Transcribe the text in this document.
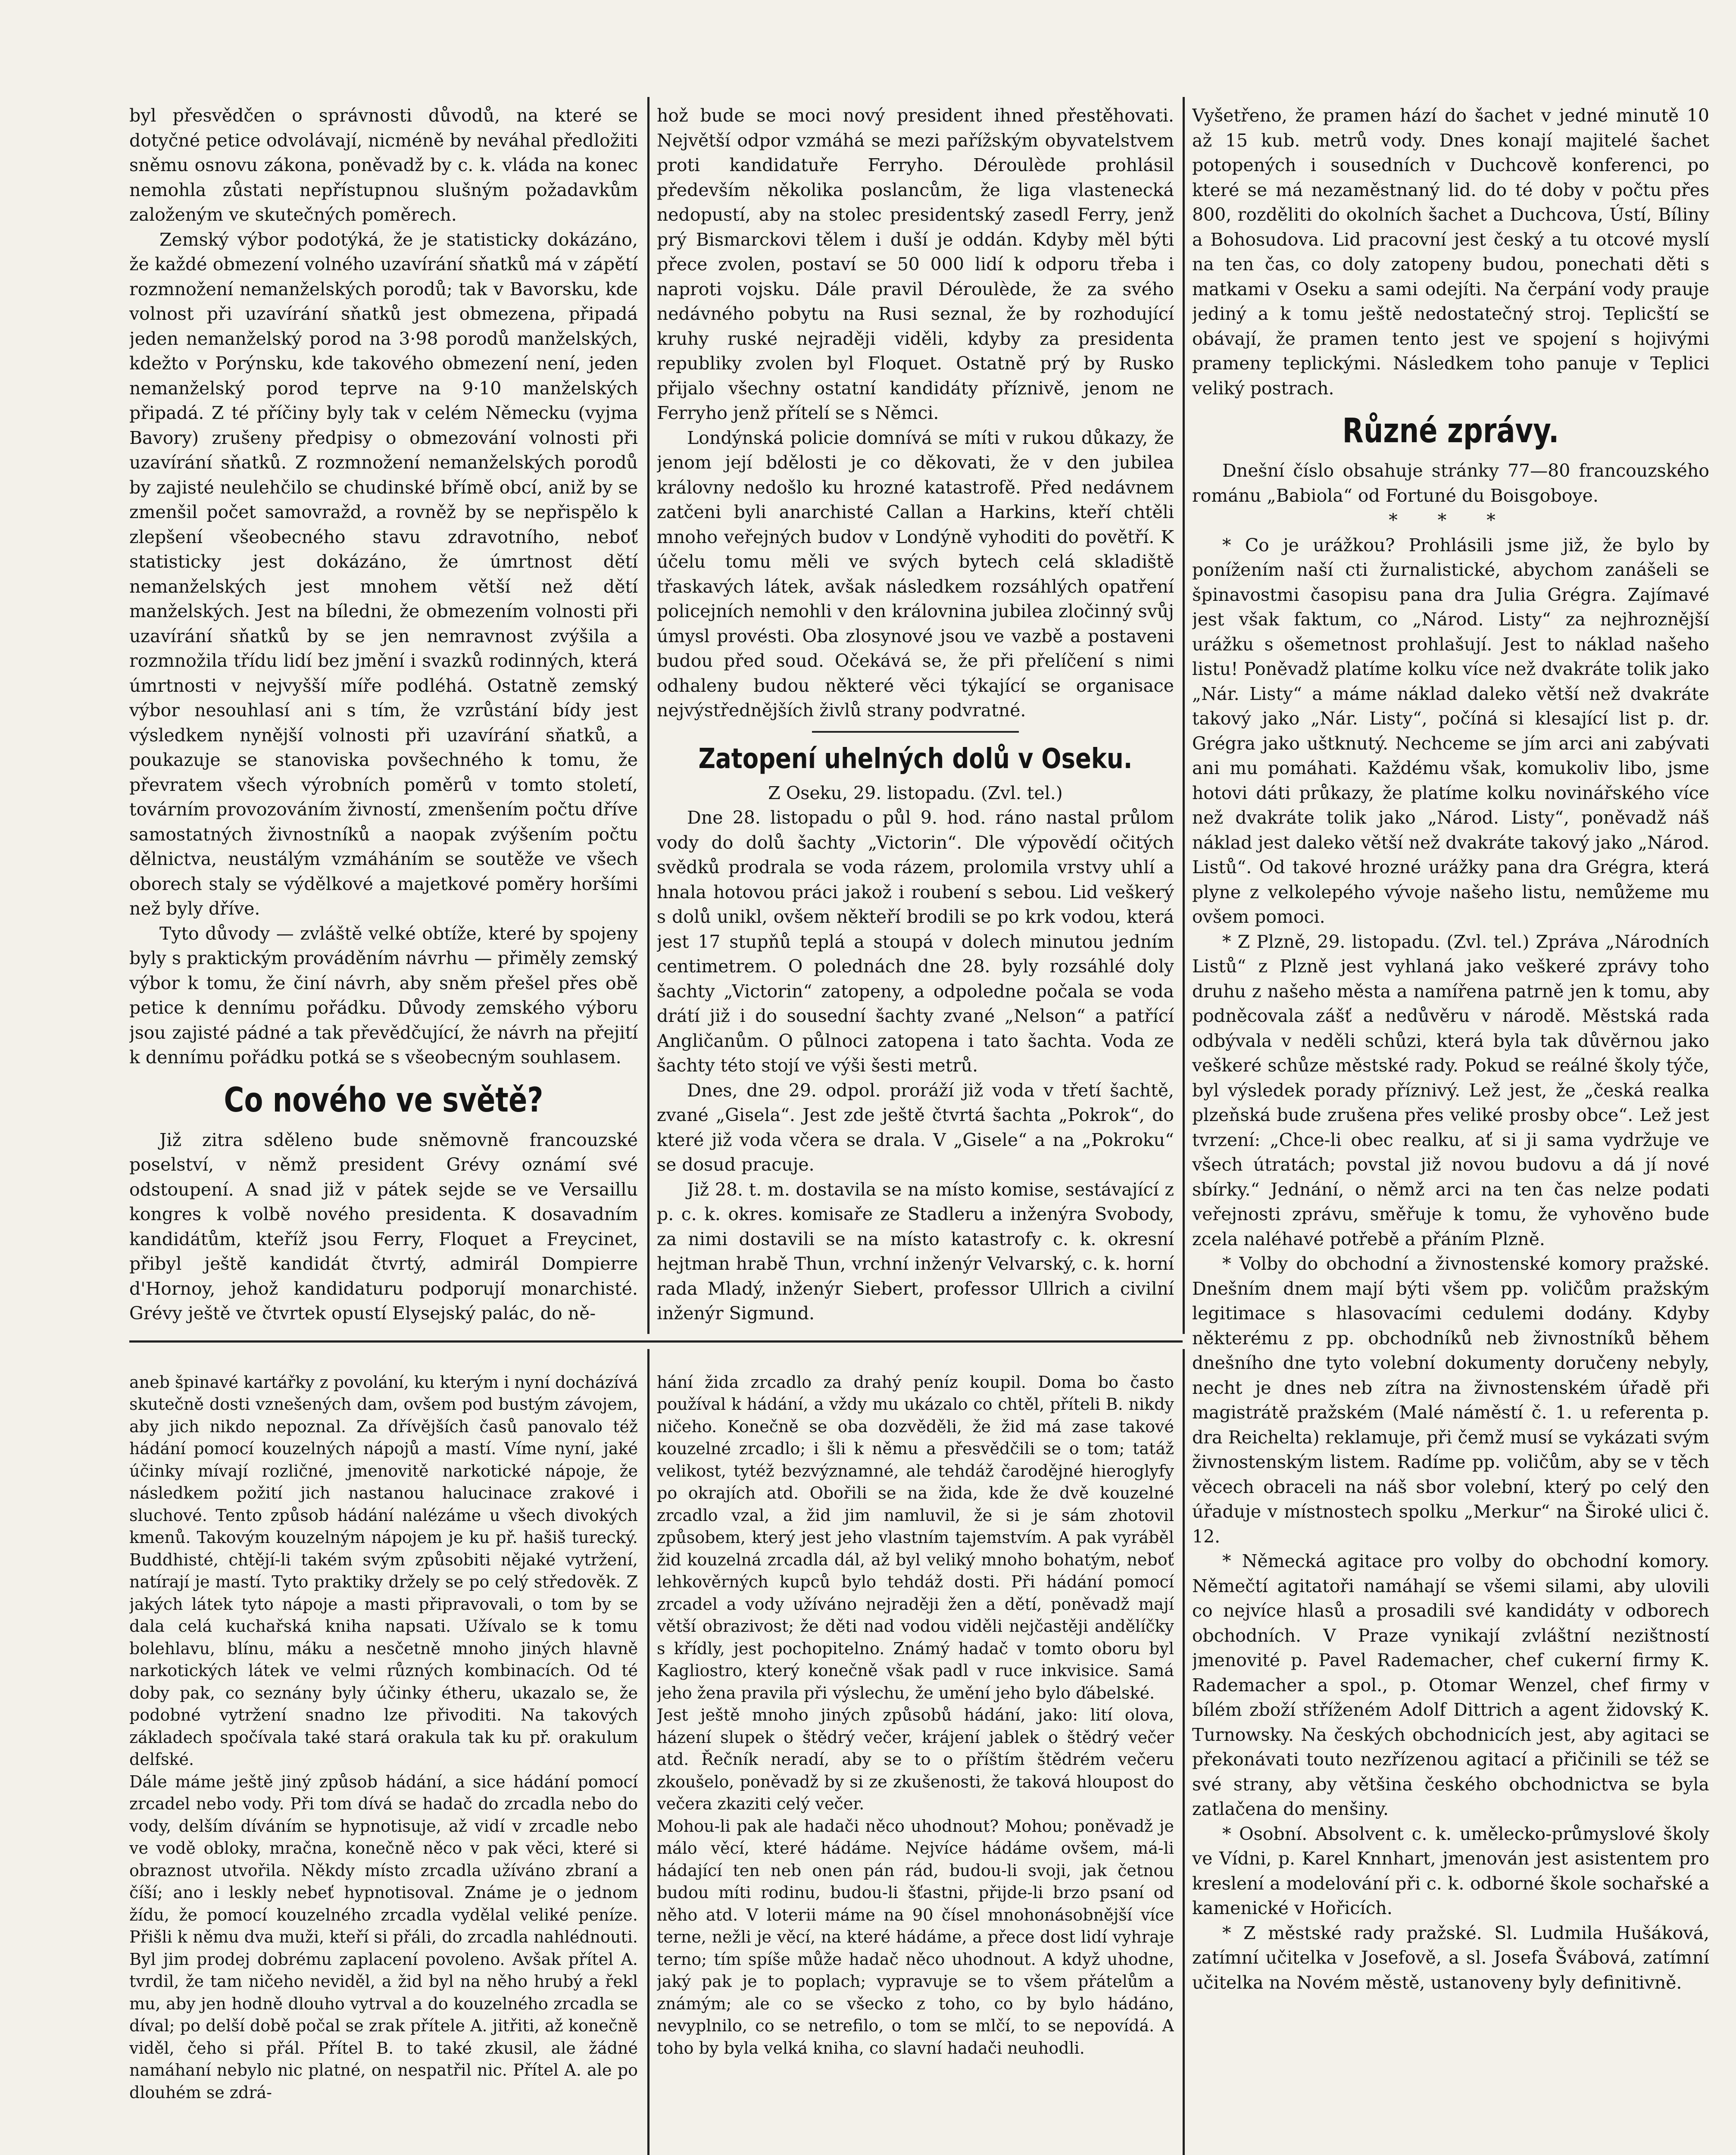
byl přesvědčen o správnosti důvodů, na které se dotyčné petice odvolávají, nicméně by neváhal předložiti sněmu osnovu zákona, poněvadž by c. k. vláda na konec nemohla zůstati nepřístupnou slušným požadavkům založeným ve skutečných poměrech.

Zemský výbor podotýká, že je statisticky dokázáno, že každé obmezení volného uzavírání sňatků má v zápětí rozmnožení nemanželských porodů; tak v Bavorsku, kde volnost při uzavírání sňatků jest obmezena, připadá jeden nemanželský porod na 3·98 porodů manželských, kdežto v Porýnsku, kde takového obmezení není, jeden nemanželský porod teprve na 9·10 manželských připadá. Z té příčiny byly tak v celém Německu (vyjma Bavory) zrušeny předpisy o obmezování volnosti při uzavírání sňatků. Z rozmnožení nemanželských porodů by zajisté neulehčilo se chudinské břímě obcí, aniž by se zmenšil počet samovražd, a rovněž by se nepřispělo k zlepšení všeobecného stavu zdravotního, neboť statisticky jest dokázáno, že úmrtnost dětí nemanželských jest mnohem větší než dětí manželských. Jest na bíledni, že obmezením volnosti při uzavírání sňatků by se jen nemravnost zvýšila a rozmnožila třídu lidí bez jmění i svazků rodinných, která úmrtnosti v nejvyšší míře podléhá. Ostatně zemský výbor nesouhlasí ani s tím, že vzrůstání bídy jest výsledkem nynější volnosti při uzavírání sňatků, a poukazuje se stanoviska povšechného k tomu, že převratem všech výrobních poměrů v tomto století, továrním provozováním živností, zmenšením počtu dříve samostatných živnostníků a naopak zvýšením počtu dělnictva, neustálým vzmáháním se soutěže ve všech oborech staly se výdělkové a majetkové poměry horšími než byly dříve.

Tyto důvody — zvláště velké obtíže, které by spojeny byly s praktickým prováděním návrhu — přiměly zemský výbor k tomu, že činí návrh, aby sněm přešel přes obě petice k dennímu pořádku. Důvody zemského výboru jsou zajisté pádné a tak převědčující, že návrh na přejití k dennímu pořádku potká se s všeobecným souhlasem.

Co nového ve světě?

Již zitra sděleno bude sněmovně francouzské poselství, v němž president Grévy oznámí své odstoupení. A snad již v pátek sejde se ve Versaillu kongres k volbě nového presidenta. K dosavadním kandidátům, kteříž jsou Ferry, Floquet a Freycinet, přibyl ještě kandidát čtvrtý, admirál Dompierre d'Hornoy, jehož kandidaturu podporují monarchisté. Grévy ještě ve čtvrtek opustí Elysejský palác, do ně-

hož bude se moci nový president ihned přestěhovati. Největší odpor vzmáhá se mezi pařížským obyvatelstvem proti kandidatuře Ferryho. Déroulède prohlásil především několika poslancům, že liga vlastenecká nedopustí, aby na stolec presidentský zasedl Ferry, jenž prý Bismarckovi tělem i duší je oddán. Kdyby měl býti přece zvolen, postaví se 50 000 lidí k odporu třeba i naproti vojsku. Dále pravil Déroulède, že za svého nedávného pobytu na Rusi seznal, že by rozhodující kruhy ruské nejraději viděli, kdyby za presidenta republiky zvolen byl Floquet. Ostatně prý by Rusko přijalo všechny ostatní kandidáty příznivě, jenom ne Ferryho jenž přítelí se s Němci.

Londýnská policie domnívá se míti v rukou důkazy, že jenom její bdělosti je co děkovati, že v den jubilea královny nedošlo ku hrozné katastrofě. Před nedávnem zatčeni byli anarchisté Callan a Harkins, kteří chtěli mnoho veřejných budov v Londýně vyhoditi do povětří. K účelu tomu měli ve svých bytech celá skladiště třaskavých látek, avšak následkem rozsáhlých opatření policejních nemohli v den královnina jubilea zločinný svůj úmysl provésti. Oba zlosynové jsou ve vazbě a postaveni budou před soud. Očekává se, že při přelíčení s nimi odhaleny budou některé věci týkající se organisace nejvýstřednějších živlů strany podvratné.

Zatopení uhelných dolů v Oseku.

Z Oseku, 29. listopadu. (Zvl. tel.)

Dne 28. listopadu o půl 9. hod. ráno nastal průlom vody do dolů šachty „Victorin“. Dle výpovědí očitých svědků prodrala se voda rázem, prolomila vrstvy uhlí a hnala hotovou práci jakož i roubení s sebou. Lid veškerý s dolů unikl, ovšem někteří brodili se po krk vodou, která jest 17 stupňů teplá a stoupá v dolech minutou jedním centimetrem. O polednách dne 28. byly rozsáhlé doly šachty „Victorin“ zatopeny, a odpoledne počala se voda drátí již i do sousední šachty zvané „Nelson“ a patřící Angličanům. O půlnoci zatopena i tato šachta. Voda ze šachty této stojí ve výši šesti metrů.

Dnes, dne 29. odpol. proráží již voda v třetí šachtě, zvané „Gisela“. Jest zde ještě čtvrtá šachta „Pokrok“, do které již voda včera se drala. V „Gisele“ a na „Pokroku“ se dosud pracuje.

Již 28. t. m. dostavila se na místo komise, sestávající z p. c. k. okres. komisaře ze Stadleru a inženýra Svobody, za nimi dostavili se na místo katastrofy c. k. okresní hejtman hrabě Thun, vrchní inženýr Velvarský, c. k. horní rada Mladý, inženýr Siebert, professor Ullrich a civilní inženýr Sigmund.

Vyšetřeno, že pramen hází do šachet v jedné minutě 10 až 15 kub. metrů vody. Dnes konají majitelé šachet potopených i sousedních v Duchcově konferenci, po které se má nezaměstnaný lid. do té doby v počtu přes 800, rozděliti do okolních šachet a Duchcova, Ústí, Bíliny a Bohosudova. Lid pracovní jest český a tu otcové myslí na ten čas, co doly zatopeny budou, ponechati děti s matkami v Oseku a sami odejíti. Na čerpání vody prauje jediný a k tomu ještě nedostatečný stroj. Teplicští se obávají, že pramen tento jest ve spojení s hojivými prameny teplickými. Následkem toho panuje v Teplici veliký postrach.

Různé zprávy.

Dnešní číslo obsahuje stránky 77—80 francouzského románu „Babiola“ od Fortuné du Boisgoboye.

* * *

* Co je urážkou? Prohlásili jsme již, že bylo by ponížením naší cti žurnalistické, abychom zanášeli se špinavostmi časopisu pana dra Julia Grégra. Zajímavé jest však faktum, co „Národ. Listy“ za nejhroznější urážku s ošemetnost prohlašují. Jest to náklad našeho listu! Poněvadž platíme kolku více než dvakráte tolik jako „Nár. Listy“ a máme náklad daleko větší než dvakráte takový jako „Nár. Listy“, počíná si klesající list p. dr. Grégra jako uštknutý. Nechceme se jím arci ani zabývati ani mu pomáhati. Každému však, komukoliv libo, jsme hotovi dáti průkazy, že platíme kolku novinářského více než dvakráte tolik jako „Národ. Listy“, poněvadž náš náklad jest daleko větší než dvakráte takový jako „Národ. Listů“. Od takové hrozné urážky pana dra Grégra, která plyne z velkolepého vývoje našeho listu, nemůžeme mu ovšem pomoci.

* Z Plzně, 29. listopadu. (Zvl. tel.) Zpráva „Národních Listů“ z Plzně jest vyhlaná jako veškeré zprávy toho druhu z našeho města a namířena patrně jen k tomu, aby podněcovala zášť a nedůvěru v národě. Městská rada odbývala v neděli schůzi, která byla tak důvěrnou jako veškeré schůze městské rady. Pokud se reálné školy týče, byl výsledek porady příznivý. Lež jest, že „česká realka plzeňská bude zrušena přes veliké prosby obce“. Lež jest tvrzení: „Chce-li obec realku, ať si ji sama vydržuje ve všech útratách; povstal již novou budovu a dá jí nové sbírky.“ Jednání, o němž arci na ten čas nelze podati veřejnosti zprávu, směřuje k tomu, že vyhověno bude zcela naléhavé potřebě a přáním Plzně.

* Volby do obchodní a živnostenské komory pražské. Dnešním dnem mají býti všem pp. voličům pražským legitimace s hlasovacími cedulemi dodány. Kdyby některému z pp. obchodníků neb živnostníků během dnešního dne tyto volební dokumenty doručeny nebyly, necht je dnes neb zítra na živnostenském úřadě při magistrátě pražském (Malé náměstí č. 1. u referenta p. dra Reichelta) reklamuje, při čemž musí se vykázati svým živnostenským listem. Radíme pp. voličům, aby se v těch věcech obraceli na náš sbor volební, který po celý den úřaduje v místnostech spolku „Merkur“ na Široké ulici č. 12.

* Německá agitace pro volby do obchodní komory. Němečtí agitatoři namáhají se všemi silami, aby ulovili co nejvíce hlasů a prosadili své kandidáty v odborech obchodních. V Praze vynikají zvláštní nezištností jmenovité p. Pavel Rademacher, chef cukerní firmy K. Rademacher a spol., p. Otomar Wenzel, chef firmy v bílém zboží stříženém Adolf Dittrich a agent židovský K. Turnowsky. Na českých obchodnicích jest, aby agitaci se překonávati touto nezřízenou agitací a přičinili se též se své strany, aby většina českého obchodnictva se byla zatlačena do menšiny.

* Osobní. Absolvent c. k. umělecko-průmyslové školy ve Vídni, p. Karel Knnhart, jmenován jest asistentem pro kreslení a modelování při c. k. odborné škole sochařské a kamenické v Hořicích.

* Z městské rady pražské. Sl. Ludmila Hušáková, zatímní učitelka v Josefově, a sl. Josefa Švábová, zatímní učitelka na Novém městě, ustanovenу byly definitivně.

aneb špinavé kartářky z povolání, ku kterým i nyní docházívá skutečně dosti vznešených dam, ovšem pod bustým závojem, aby jich nikdo nepoznal. Za dřívějších časů panovalo též hádání pomocí kouzelných nápojů a mastí. Víme nyní, jaké účinky mívají rozličné, jmenovitě narkotické nápoje, že následkem požití jich nastanou halucinace zrakové i sluchové. Tento způsob hádání nalézáme u všech divokých kmenů. Takovým kouzelným nápojem je ku př. hašiš turecký. Buddhisté, chtějí-li takém svým způsobiti nějaké vytržení, natírají je mastí. Tyto praktiky držely se po celý středověk. Z jakých látek tyto nápoje a masti připravovali, o tom by se dala celá kuchařská kniha napsati. Užívalo se k tomu bolehlavu, blínu, máku a nesčetně mnoho jiných hlavně narkotických látek ve velmi různých kombinacích. Od té doby pak, co seznány byly účinky étheru, ukazalo se, že podobné vytržení snadno lze přivoditi. Na takových základech spočívala také stará orakula tak ku př. orakulum delfské.
Dále máme ještě jiný způsob hádání, a sice hádání pomocí zrcadel nebo vody. Při tom dívá se hadač do zrcadla nebo do vody, delším díváním se hypnotisuje, až vidí v zrcadle nebo ve vodě obloky, mračna, konečně něco v pak věci, které si obraznost utvořila. Někdy místo zrcadla užíváno zbraní a číší; ano i leskly nebeť hypnotisoval. Známe je o jednom žídu, že pomocí kouzelného zrcadla vydělal veliké peníze. Přišli k němu dva muži, kteří si přáli, do zrcadla nahlédnouti. Byl jim prodej dobrému zaplacení povoleno. Avšak přítel A. tvrdil, že tam ničeho neviděl, a žid byl na něho hrubý a řekl mu, aby jen hodně dlouho vytrval a do kouzelného zrcadla se díval; po delší době počal se zrak přítele A. jitřiti, až konečně viděl, čeho si přál. Přítel B. to také zkusil, ale žádné namáhaní nebylo nic platné, on nespatřil nic. Přítel A. ale po dlouhém se zdrá-

hání žida zrcadlo za drahý peníz koupil. Doma bo často používal k hádání, a vždy mu ukázalo co chtěl, příteli B. nikdy ničeho. Konečně se oba dozvěděli, že žid má zase takové kouzelné zrcadlo; i šli k němu a přesvědčili se o tom; tatáž velikost, tytéž bezvýznamné, ale tehdáž čarodějné hieroglyfy po okrajích atd. Obořili se na žida, kde že dvě kouzelné zrcadlo vzal, a žid jim namluvil, že si je sám zhotovil způsobem, který jest jeho vlastním tajemstvím. A pak vyráběl žid kouzelná zrcadla dál, až byl veliký mnoho bohatým, neboť lehkověrných kupců bylo tehdáž dosti. Při hádání pomocí zrcadel a vody užíváno nejraději žen a dětí, poněvadž mají větší obrazivost; že děti nad vodou viděli nejčastěji andělíčky s křídly, jest pochopitelno. Známý hadač v tomto oboru byl Kagliostro, který konečně však padl v ruce inkvisice. Samá jeho žena pravila při výslechu, že umění jeho bylo ďábelské.
Jest ještě mnoho jiných způsobů hádání, jako: lití olova, házení slupek o štědrý večer, krájení jablek o štědrý večer atd. Řečník neradí, aby se to o příštím štědrém večeru zkoušelo, poněvadž by si ze zkušenosti, že taková hloupost do večera zkaziti celý večer.
Mohou-li pak ale hadači něco uhodnout? Mohou; poněvadž je málo věcí, které hádáme. Nejvíce hádáme ovšem, má-li hádající ten neb onen pán rád, budou-li svoji, jak četnou budou míti rodinu, budou-li šťastni, přijde-li brzo psaní od něho atd. V loterii máme na 90 čísel mnohonásobnější více terne, nežli je věcí, na které hádáme, a přece dost lidí vyhraje terno; tím spíše může hadač něco uhodnout. A když uhodne, jaký pak je to poplach; vypravuje se to všem přátelům a známým; ale co se všecko z toho, co by bylo hádáno, nevyplnilo, co se netrefilo, o tom se mlčí, to se nepovídá. A toho by byla velká kniha, co slavní hadači neuhodli.
